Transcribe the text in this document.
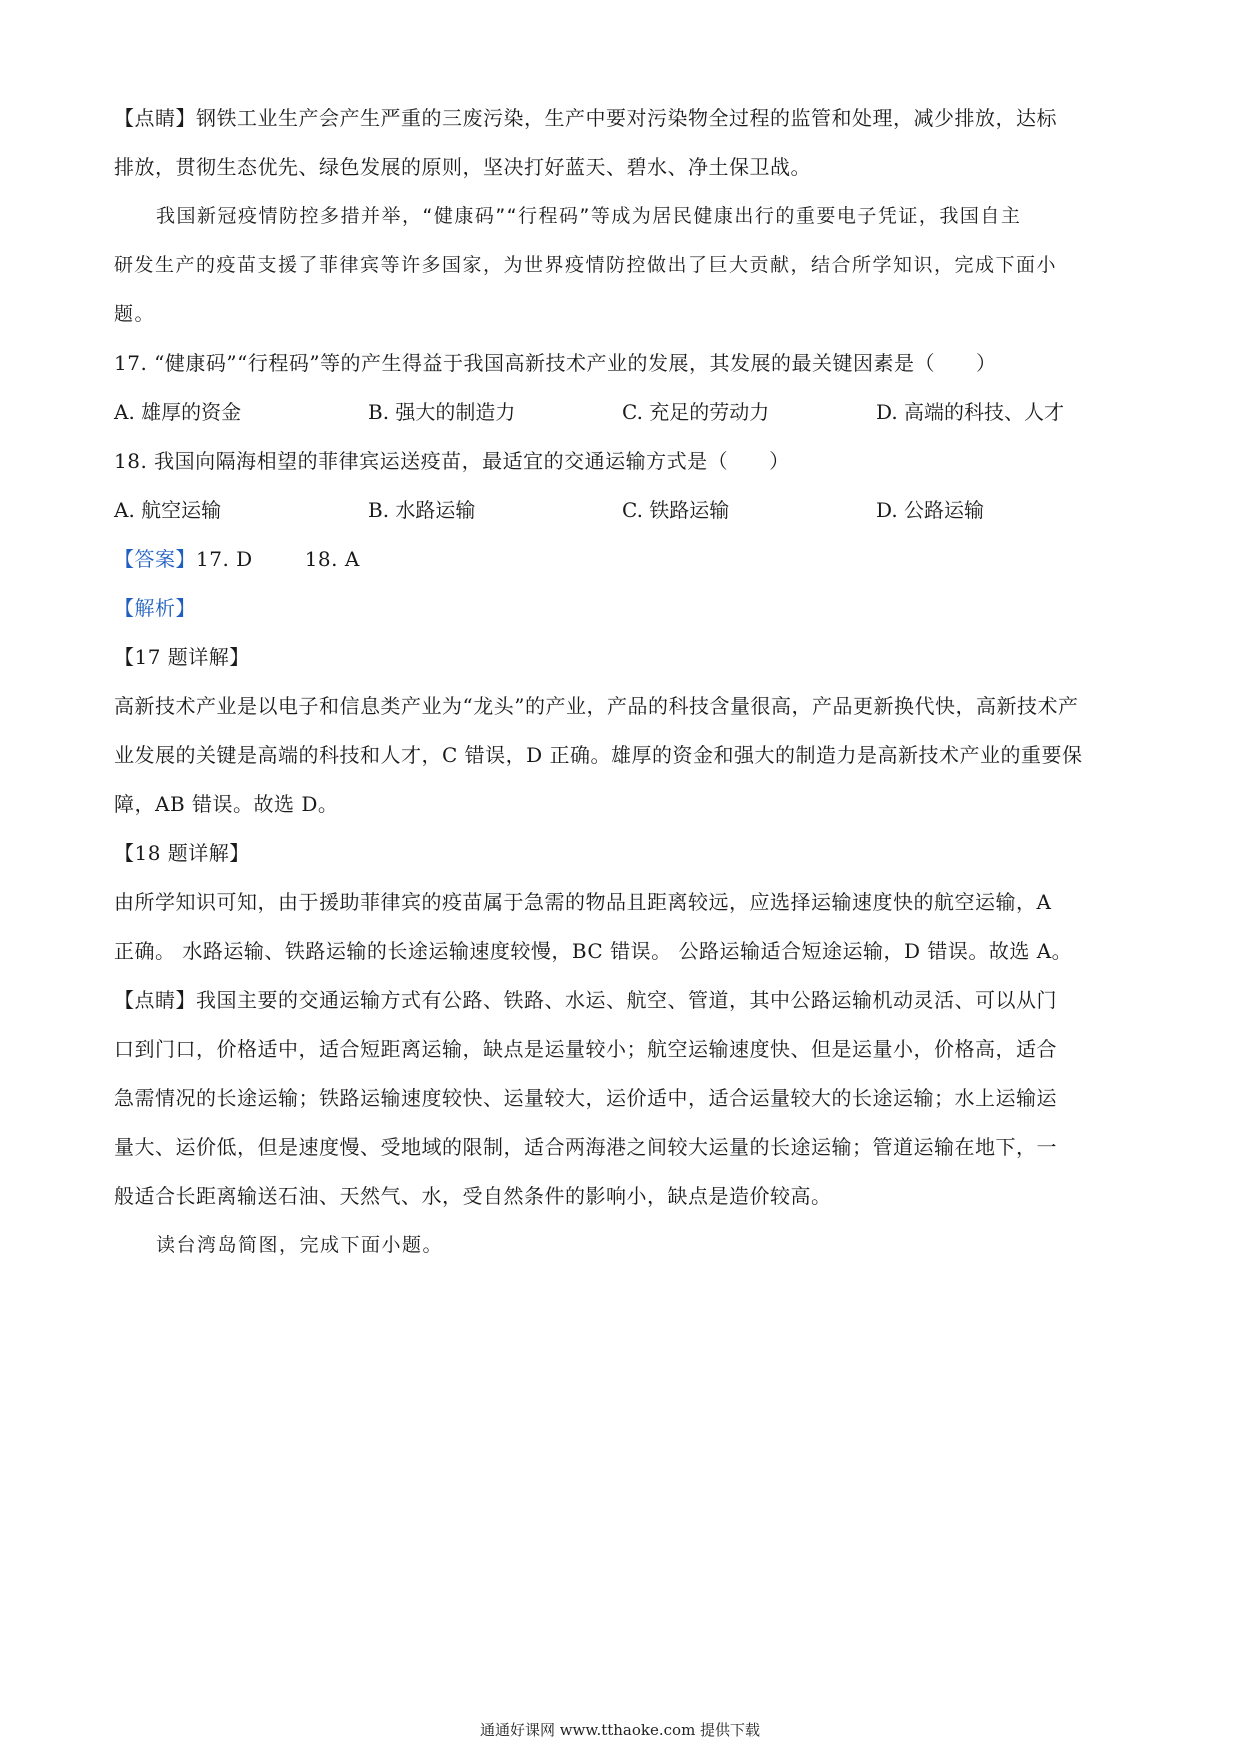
【点睛】钢铁工业生产会产生严重的三废污染，生产中要对污染物全过程的监管和处理，减少排放，达标
排放，贯彻生态优先、绿色发展的原则，坚决打好蓝天、碧水、净土保卫战。
我国新冠疫情防控多措并举，“健康码”“行程码”等成为居民健康出行的重要电子凭证，我国自主
研发生产的疫苗支援了菲律宾等许多国家，为世界疫情防控做出了巨大贡献，结合所学知识，完成下面小
题。
17. “健康码”“行程码”等的产生得益于我国高新技术产业的发展，其发展的最关键因素是（　　）
A. 雄厚的资金	B. 强大的制造力	C. 充足的劳动力	D. 高端的科技、人才
18. 我国向隔海相望的菲律宾运送疫苗，最适宜的交通运输方式是（　　）
A. 航空运输	B. 水路运输	C. 铁路运输	D. 公路运输
【答案】17. D	18. A
【解析】
【17 题详解】
高新技术产业是以电子和信息类产业为“龙头”的产业，产品的科技含量很高，产品更新换代快，高新技术产
业发展的关键是高端的科技和人才，C 错误，D 正确。雄厚的资金和强大的制造力是高新技术产业的重要保
障，AB 错误。故选 D。
【18 题详解】
由所学知识可知，由于援助菲律宾的疫苗属于急需的物品且距离较远，应选择运输速度快的航空运输，A
正确。 水路运输、铁路运输的长途运输速度较慢，BC 错误。 公路运输适合短途运输，D 错误。故选 A。
【点睛】我国主要的交通运输方式有公路、铁路、水运、航空、管道，其中公路运输机动灵活、可以从门
口到门口，价格适中，适合短距离运输，缺点是运量较小；航空运输速度快、但是运量小，价格高，适合
急需情况的长途运输；铁路运输速度较快、运量较大，运价适中，适合运量较大的长途运输；水上运输运
量大、运价低，但是速度慢、受地域的限制，适合两海港之间较大运量的长途运输；管道运输在地下，一
般适合长距离输送石油、天然气、水，受自然条件的影响小，缺点是造价较高。
读台湾岛简图，完成下面小题。
通通好课网 www.tthaoke.com 提供下载
